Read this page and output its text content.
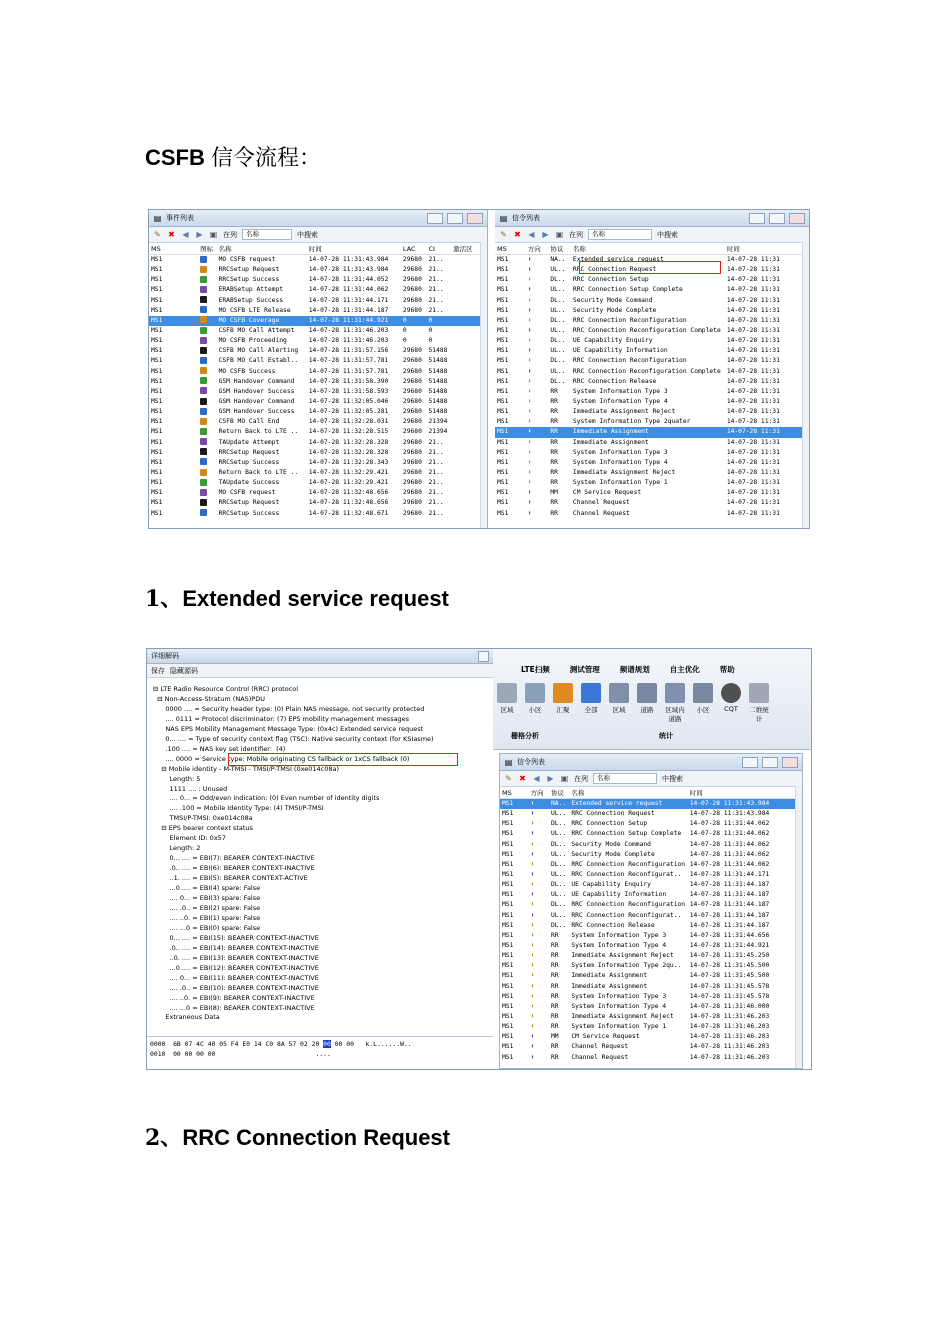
CSFB 信令流程：
▤ 事件列表
✎ ✖ ◀ ▶ ▣ 在列	名称	中搜索
MS	图标	名称	时间	LAC	CI	激活区
MS1		MO CSFB request	14-07-28 11:31:43.984	29680	21..	
MS1		RRCSetup Request	14-07-28 11:31:43.984	29680	21..	
MS1		RRCSetup Success	14-07-28 11:31:44.052	29680	21..	
MS1		ERABSetup Attempt	14-07-28 11:31:44.062	29680	21..	
MS1		ERABSetup Success	14-07-28 11:31:44.171	29680	21..	
MS1		MO CSFB LTE Release	14-07-28 11:31:44.187	29680	21..	
MS1		MO CSFB Coverage	14-07-28 11:31:44.921	0	0	
MS1		CSFB MO Call Attempt	14-07-28 11:31:46.203	0	0	
MS1		MO CSFB Proceeding	14-07-28 11:31:46.203	0	0	
MS1		CSFB MO Call Alerting	14-07-28 11:31:57.156	29680	51488	
MS1		CSFB MO Call Establ..	14-07-28 11:31:57.781	29680	51488	
MS1		MO CSFB Success	14-07-28 11:31:57.781	29680	51488	
MS1		GSM Handover Command	14-07-28 11:31:58.390	29680	51488	
MS1		GSM Handover Success	14-07-28 11:31:58.593	29680	51488	
MS1		GSM Handover Command	14-07-28 11:32:05.046	29680	51488	
MS1		GSM Handover Success	14-07-28 11:32:05.281	29680	51488	
MS1		CSFB MO Call End	14-07-28 11:32:28.031	29680	21394	
MS1		Return Back to LTE ..	14-07-28 11:32:28.515	29680	21394	
MS1		TAUpdate Attempt	14-07-28 11:32:28.328	29680	21..	
MS1		RRCSetup Request	14-07-28 11:32:28.328	29680	21..	
MS1		RRCSetup Success	14-07-28 11:32:28.343	29680	21..	
MS1		Return Back to LTE ..	14-07-28 11:32:29.421	29680	21..	
MS1		TAUpdate Success	14-07-28 11:32:29.421	29680	21..	
MS1		MO CSFB request	14-07-28 11:32:48.656	29680	21..	
MS1		RRCSetup Request	14-07-28 11:32:48.656	29680	21..	
MS1		RRCSetup Success	14-07-28 11:32:48.671	29680	21..	
▤ 信令列表
✎ ✖ ◀ ▶ ▣ 在列	名称	中搜索
MS	方向	协议	名称	时间
MS1	⬆	NA..	Extended service request	14-07-28 11:31
MS1	⬆	UL..	RRC Connection Request	14-07-28 11:31
MS1	⬇	DL..	RRC Connection Setup	14-07-28 11:31
MS1	⬆	UL..	RRC Connection Setup Complete	14-07-28 11:31
MS1	⬇	DL..	Security Mode Command	14-07-28 11:31
MS1	⬆	UL..	Security Mode Complete	14-07-28 11:31
MS1	⬇	DL..	RRC Connection Reconfiguration	14-07-28 11:31
MS1	⬆	UL..	RRC Connection Reconfiguration Complete	14-07-28 11:31
MS1	⬇	DL..	UE Capability Enquiry	14-07-28 11:31
MS1	⬆	UL..	UE Capability Information	14-07-28 11:31
MS1	⬇	DL..	RRC Connection Reconfiguration	14-07-28 11:31
MS1	⬆	UL..	RRC Connection Reconfiguration Complete	14-07-28 11:31
MS1	⬇	DL..	RRC Connection Release	14-07-28 11:31
MS1	⬇	RR	System Information Type 3	14-07-28 11:31
MS1	⬇	RR	System Information Type 4	14-07-28 11:31
MS1	⬇	RR	Immediate Assignment Reject	14-07-28 11:31
MS1	⬇	RR	System Information Type 2quater	14-07-28 11:31
MS1	⬇	RR	Immediate Assignment	14-07-28 11:31
MS1	⬇	RR	Immediate Assignment	14-07-28 11:31
MS1	⬇	RR	System Information Type 3	14-07-28 11:31
MS1	⬇	RR	System Information Type 4	14-07-28 11:31
MS1	⬇	RR	Immediate Assignment Reject	14-07-28 11:31
MS1	⬇	RR	System Information Type 1	14-07-28 11:31
MS1	⬆	MM	CM Service Request	14-07-28 11:31
MS1	⬆	RR	Channel Request	14-07-28 11:31
MS1	⬆	RR	Channel Request	14-07-28 11:31
1、Extended service request
详细解码
保存 隐藏源码
⊟ LTE Radio Resource Control (RRC) protocol
⊟ Non-Access-Stratum (NAS)PDU
0000 .... = Security header type: (0) Plain NAS message, not security protected
.... 0111 = Protocol discriminator: (7) EPS mobility management messages
NAS EPS Mobility Management Message Type: (0x4c) Extended service request
0... .... = Type of security context flag (TSC): Native security context (for KSIasme)
.100 .... = NAS key set identifier:  (4)
.... 0000 = Service type: Mobile originating CS fallback or 1xCS fallback (0)
⊟ Mobile identity - M-TMSI - TMSI/P-TMSI (0xe014c08a)
Length: 5
1111 .... : Unused
.... 0... = Odd/even indication: (0) Even number of identity digits
.... .100 = Mobile Identity Type: (4) TMSI/P-TMSI
TMSI/P-TMSI: 0xe014c08a
⊟ EPS bearer context status
Element ID: 0x57
Length: 2
0... .... = EBI(7): BEARER CONTEXT-INACTIVE
.0.. .... = EBI(6): BEARER CONTEXT-INACTIVE
..1. .... = EBI(5): BEARER CONTEXT-ACTIVE
...0 .... = EBI(4) spare: False
.... 0... = EBI(3) spare: False
.... .0.. = EBI(2) spare: False
.... ..0. = EBI(1) spare: False
.... ...0 = EBI(0) spare: False
0... .... = EBI(15): BEARER CONTEXT-INACTIVE
.0.. .... = EBI(14): BEARER CONTEXT-INACTIVE
..0. .... = EBI(13): BEARER CONTEXT-INACTIVE
...0 .... = EBI(12): BEARER CONTEXT-INACTIVE
.... 0... = EBI(11): BEARER CONTEXT-INACTIVE
.... .0.. = EBI(10): BEARER CONTEXT-INACTIVE
.... ..0. = EBI(9): BEARER CONTEXT-INACTIVE
.... ...0 = EBI(8): BEARER CONTEXT-INACTIVE
Extraneous Data
0000  6B 07 4C 40 05 F4 E0 14 C0 8A 57 02 20 00 00 00   k.L......W..
0010  00 00 00 00                          ....
LTE扫频	测试管理	频谱规划	自主优化	帮助
区域	小区	汇聚	全部	区域	道路	区域内道路
小区	CQT	二维统计
栅格分析	统计
▤ 信令列表
✎ ✖ ◀ ▶ ▣ 在列	名称	中搜索
MS	方向	协议	名称	时间
MS1	⬆	NA..	Extended service request	14-07-28 11:31:43.984
MS1	⬆	UL..	RRC Connection Request	14-07-28 11:31:43.984
MS1	⬇	DL..	RRC Connection Setup	14-07-28 11:31:44.062
MS1	⬆	UL..	RRC Connection Setup Complete	14-07-28 11:31:44.062
MS1	⬇	DL..	Security Mode Command	14-07-28 11:31:44.062
MS1	⬆	UL..	Security Mode Complete	14-07-28 11:31:44.062
MS1	⬇	DL..	RRC Connection Reconfiguration	14-07-28 11:31:44.062
MS1	⬆	UL..	RRC Connection Reconfigurat..	14-07-28 11:31:44.171
MS1	⬇	DL..	UE Capability Enquiry	14-07-28 11:31:44.187
MS1	⬆	UL..	UE Capability Information	14-07-28 11:31:44.187
MS1	⬇	DL..	RRC Connection Reconfiguration	14-07-28 11:31:44.187
MS1	⬆	UL..	RRC Connection Reconfigurat..	14-07-28 11:31:44.187
MS1	⬇	DL..	RRC Connection Release	14-07-28 11:31:44.187
MS1	⬇	RR	System Information Type 3	14-07-28 11:31:44.656
MS1	⬇	RR	System Information Type 4	14-07-28 11:31:44.921
MS1	⬇	RR	Immediate Assignment Reject	14-07-28 11:31:45.250
MS1	⬇	RR	System Information Type 2qu..	14-07-28 11:31:45.500
MS1	⬇	RR	Immediate Assignment	14-07-28 11:31:45.500
MS1	⬇	RR	Immediate Assignment	14-07-28 11:31:45.578
MS1	⬇	RR	System Information Type 3	14-07-28 11:31:45.578
MS1	⬇	RR	System Information Type 4	14-07-28 11:31:46.000
MS1	⬇	RR	Immediate Assignment Reject	14-07-28 11:31:46.203
MS1	⬇	RR	System Information Type 1	14-07-28 11:31:46.203
MS1	⬆	MM	CM Service Request	14-07-28 11:31:46.203
MS1	⬆	RR	Channel Request	14-07-28 11:31:46.203
MS1	⬆	RR	Channel Request	14-07-28 11:31:46.203
2、RRC Connection Request
